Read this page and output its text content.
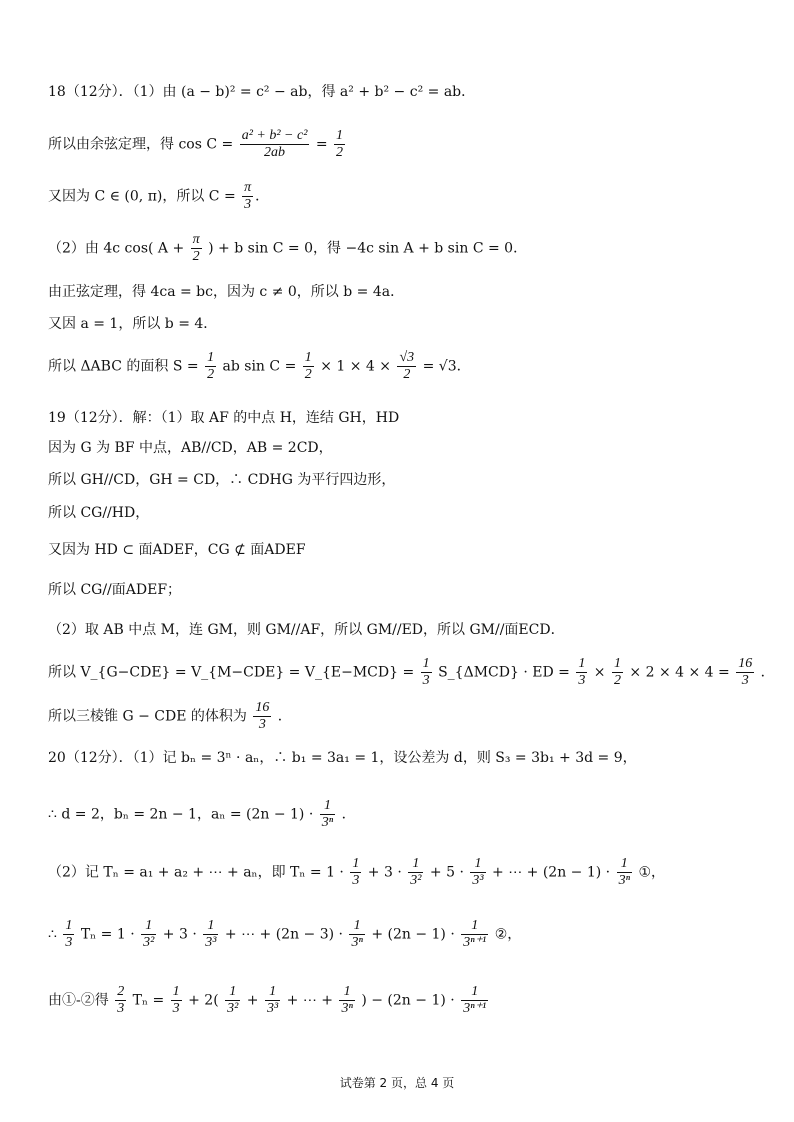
18（12分）．（1）由 (a − b)² = c² − ab，得 a² + b² − c² = ab．
所以由余弦定理，得 $\cos C = \frac{\text{a² + b² − c²}}{2ab} = \frac{1}{2}$
又因为 C ∈ (0, π)，所以 $C = \frac{\pi}{3}$ ．
（2）由 4c cos( $A + \frac{\pi}{2}$ ) + b sin C = 0，得 −4c sin A + b sin C = 0．
由正弦定理，得 4ca = bc，因为 c ≠ 0，所以 b = 4a．
又因 a = 1，所以 b = 4．
所以 ΔABC 的面积 $S = \frac{1}{2}$ ab $\sin C = \frac{1}{2} \times 1 \times 4 \times \frac{√3}{2} = √3$．
19（12分）．解：（1）取 AF 的中点 H，连结 GH，HD
因为 G 为 BF 中点，AB//CD，AB = 2CD，
所以 GH//CD，GH = CD，∴ CDHG 为平行四边形，
所以 CG//HD，
又因为 HD ⊂ 面ADEF，CG ⊄ 面ADEF
所以 CG//面ADEF；
（2）取 AB 中点 M，连 GM，则 GM//AF，所以 GM//ED，所以 GM//面ECD．
所以 V_{G−CDE} = V_{M−CDE} = V_{E−MCD} = $\frac{1}{3}$ S_{ΔMCD} · ED = $\frac{1}{3} \times \frac{1}{2} \times 2 \times 4 \times 4 = \frac{16}{3}$ ．
所以三棱锥 G − CDE 的体积为 $\frac{16}{3}$ ．
20（12分）．（1）记 bₙ = 3ⁿ · aₙ，∴ b₁ = 3a₁ = 1，设公差为 d，则 S₃ = 3b₁ + 3d = 9，
∴ d = 2，bₙ = 2n − 1，$a_n = (2n - 1) \cdot \frac{1}{\text{3ⁿ}}$ ．
（2）记 Tₙ = a₁ + a₂ + ⋯ + aₙ，即 $T_n = 1 \cdot \frac{1}{3} + 3 \cdot \frac{1}{\text{3²}} + 5 \cdot \frac{1}{\text{3³}}$ + ⋯ + $(2n - 1) \cdot \frac{1}{\text{3ⁿ}}$ ①，
∴ $\frac{1}{3}$ $T_n = 1 \cdot \frac{1}{\text{3²}} + 3 \cdot \frac{1}{\text{3³}}$ + ⋯ + $(2n - 3) \cdot \frac{1}{\text{3ⁿ}} + (2n - 1) \cdot \frac{1}{\text{3ⁿ⁺¹}}$ ②，
由①-②得 $\frac{2}{3}$ $T_n = \frac{1}{3} + 2( \frac{1}{\text{3²}} + \frac{1}{\text{3³}}$ + ⋯ + $\frac{1}{\text{3ⁿ}}$ ) − $(2n - 1) \cdot \frac{1}{\text{3ⁿ⁺¹}}$
试卷第 2 页，总 4 页
